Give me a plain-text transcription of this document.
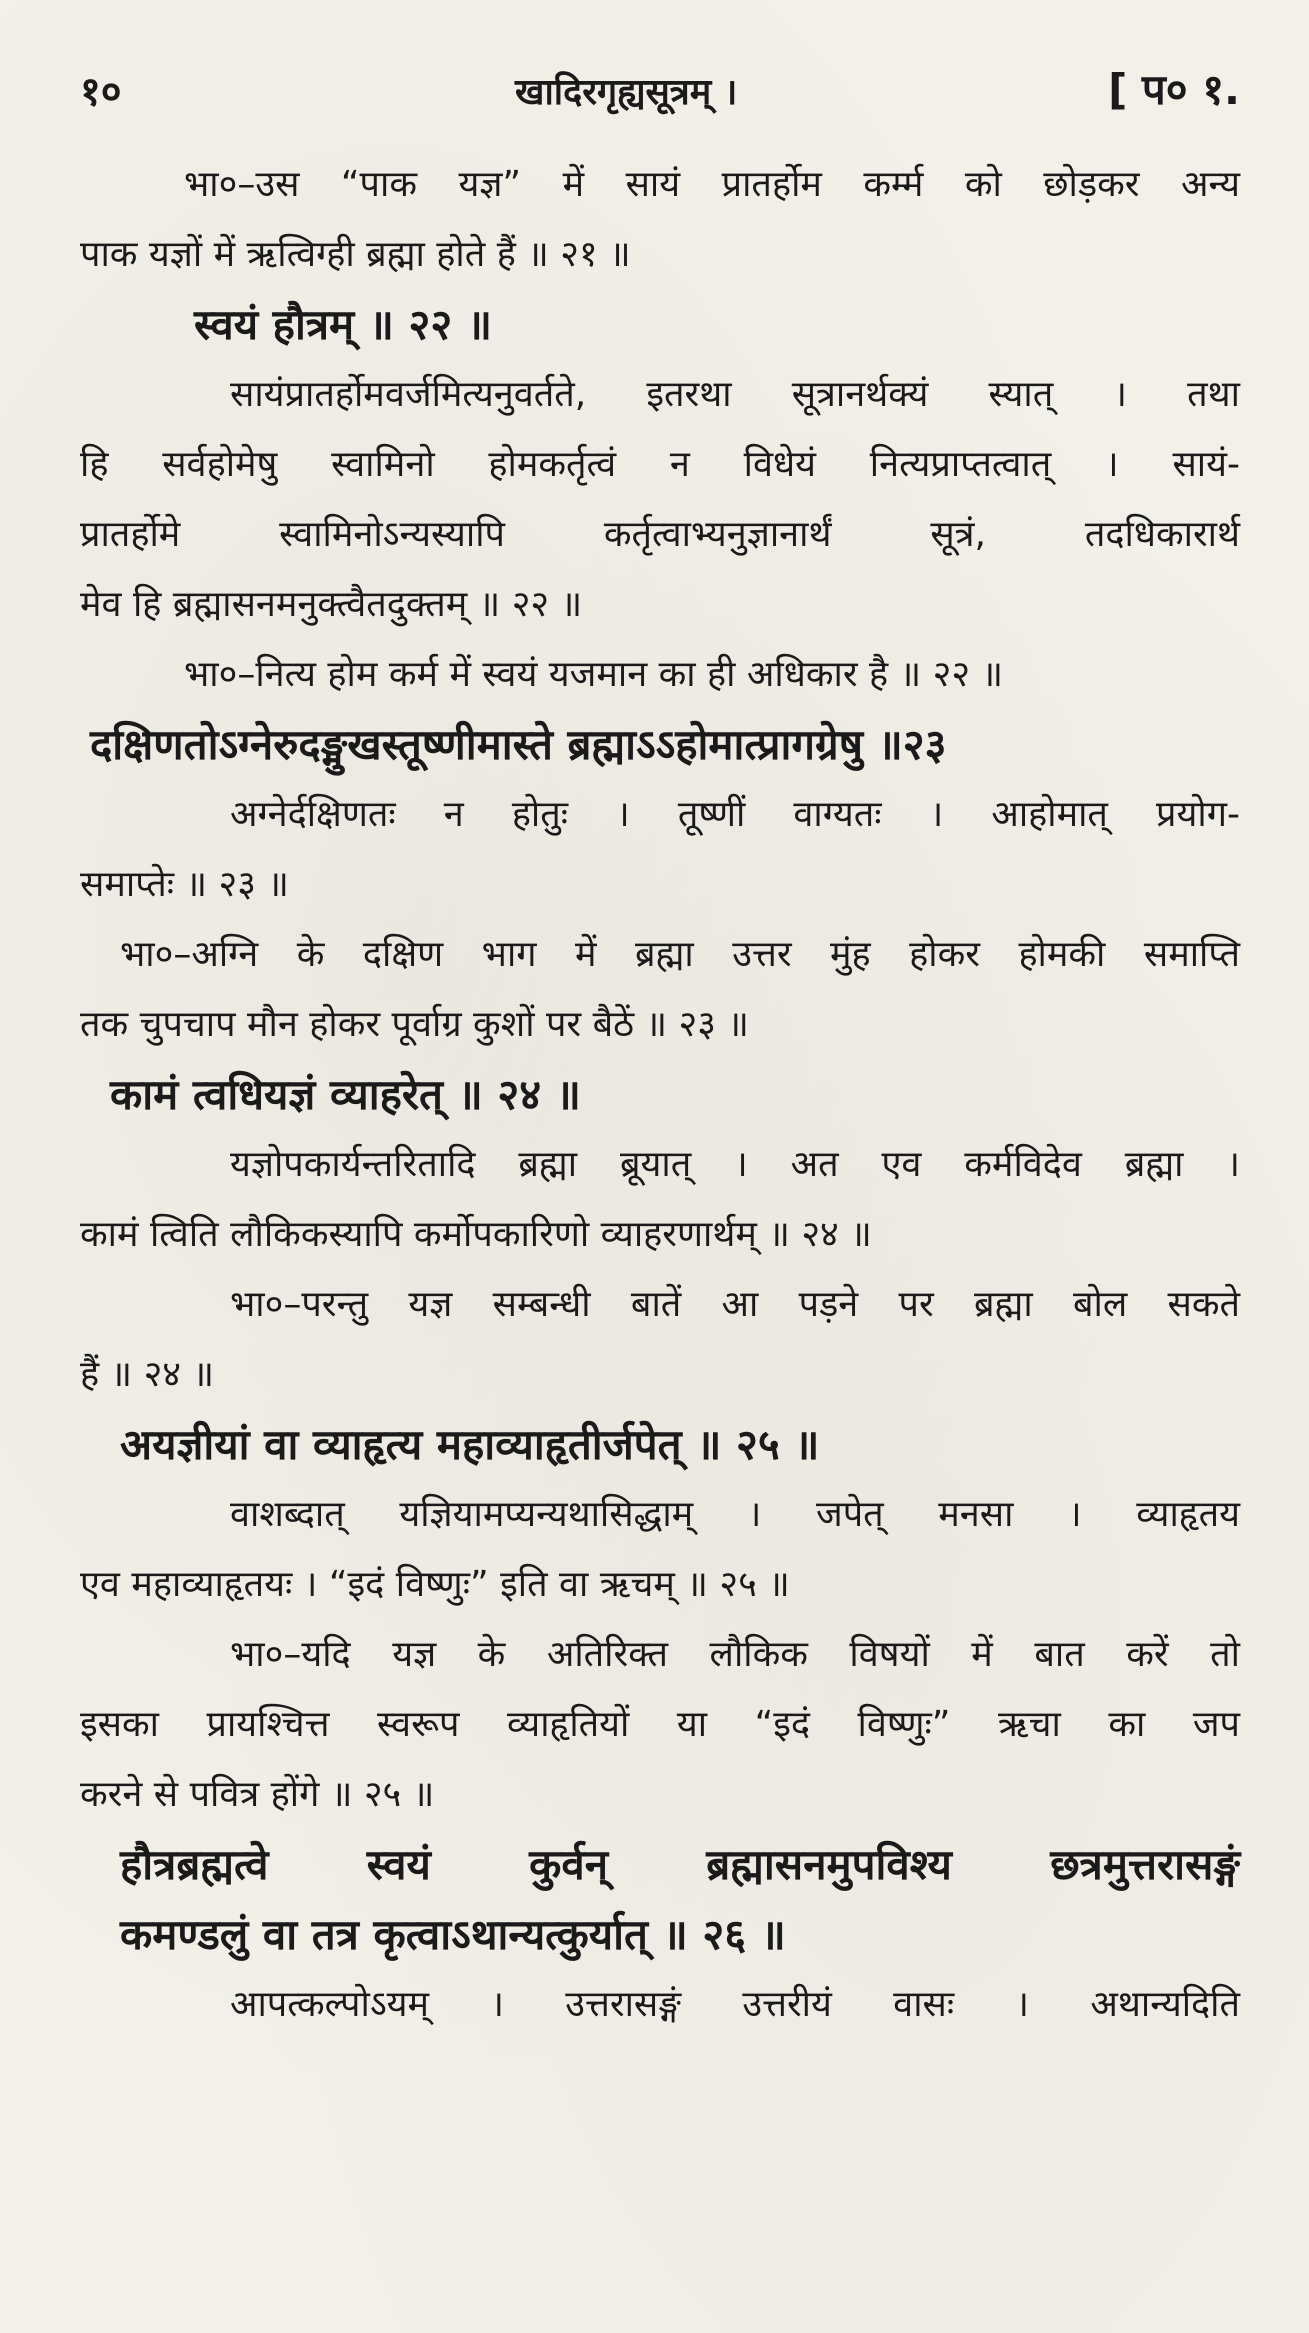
१०	खादिरगृह्यसूत्रम् ।	[ प० १.

भा०–उस “पाक यज्ञ” में सायं प्रातर्होम कर्म्म को छोड़कर अन्य

पाक यज्ञों में ऋत्विग्ही ब्रह्मा होते हैं ॥ २१ ॥

स्वयं हौत्रम् ॥ २२ ॥

सायंप्रातर्होमवर्जमित्यनुवर्तते, इतरथा सूत्रानर्थक्यं स्यात् । तथा

हि सर्वहोमेषु स्वामिनो होमकर्तृत्वं न विधेयं नित्यप्राप्तत्वात् । सायं-

प्रातर्होमे स्वामिनोऽन्यस्यापि कर्तृत्वाभ्यनुज्ञानार्थं सूत्रं, तदधिकारार्थ

मेव हि ब्रह्मासनमनुक्त्वैतदुक्तम् ॥ २२ ॥

भा०–नित्य होम कर्म में स्वयं यजमान का ही अधिकार है ॥ २२ ॥

दक्षिणतोऽग्नेरुदङ्मुखस्तूष्णीमास्ते ब्रह्माऽऽहोमात्प्रागग्रेषु ॥२३

अग्नेर्दक्षिणतः न होतुः । तूष्णीं वाग्यतः । आहोमात् प्रयोग-

समाप्तेः ॥ २३ ॥

भा०–अग्नि के दक्षिण भाग में ब्रह्मा उत्तर मुंह होकर होमकी समाप्ति

तक चुपचाप मौन होकर पूर्वाग्र कुशों पर बैठें ॥ २३ ॥

कामं त्वधियज्ञं व्याहरेत् ॥ २४ ॥

यज्ञोपकार्यन्तरितादि ब्रह्मा ब्रूयात् । अत एव कर्मविदेव ब्रह्मा ।

कामं त्विति लौकिकस्यापि कर्मोपकारिणो व्याहरणार्थम् ॥ २४ ॥

भा०–परन्तु यज्ञ सम्बन्धी बातें आ पड़ने पर ब्रह्मा बोल सकते

हैं ॥ २४ ॥

अयज्ञीयां वा व्याहृत्य महाव्याहृतीर्जपेत् ॥ २५ ॥

वाशब्दात् यज्ञियामप्यन्यथासिद्धाम् । जपेत् मनसा । व्याहृतय

एव महाव्याहृतयः । “इदं विष्णुः” इति वा ऋचम् ॥ २५ ॥

भा०–यदि यज्ञ के अतिरिक्त लौकिक विषयों में बात करें तो

इसका प्रायश्चित्त स्वरूप व्याहृतियों या “इदं विष्णुः” ऋचा का जप

करने से पवित्र होंगे ॥ २५ ॥

हौत्रब्रह्मत्वे स्वयं कुर्वन् ब्रह्मासनमुपविश्य छत्रमुत्तरासङ्गं

कमण्डलुं वा तत्र कृत्वाऽथान्यत्कुर्यात् ॥ २६ ॥

आपत्कल्पोऽयम् । उत्तरासङ्गं उत्तरीयं वासः । अथान्यदिति
